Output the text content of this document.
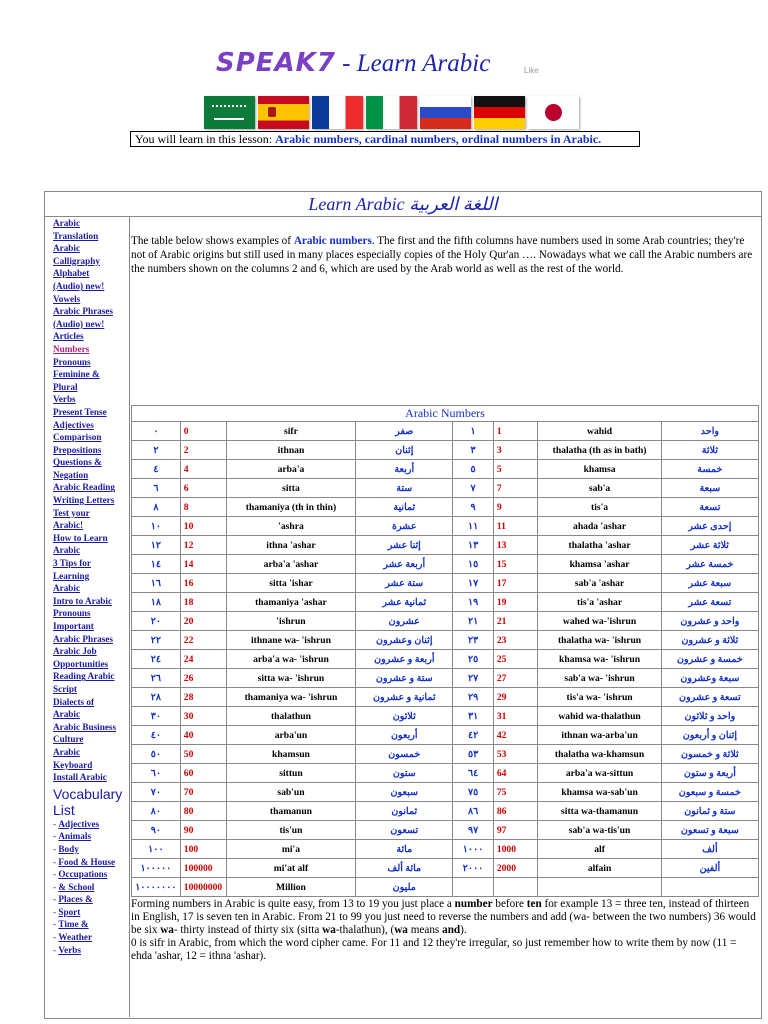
SPEAK7 - Learn Arabic	Like
You will learn in this lesson: Arabic numbers, cardinal numbers, ordinal numbers in Arabic.
Learn Arabic اللغة العربية
Arabic
Translation
Arabic
Calligraphy
Alphabet
(Audio) new!
Vowels
Arabic Phrases
(Audio) new!
Articles
Numbers
Pronouns
Feminine &
Plural
Verbs
Present Tense
Adjectives
Comparison
Prepositions
Questions &
Negation
Arabic Reading
Writing Letters
Test your
Arabic!
How to Learn
Arabic
3 Tips for
Learning
Arabic
Intro to Arabic
Pronouns
Important
Arabic Phrases
Arabic Job
Opportunities
Reading Arabic
Script
Dialects of
Arabic
Arabic Business
Culture
Arabic
Keyboard
Install Arabic
Vocabulary List
- Adjectives
- Animals
- Body
- Food & House
- Occupations
- & School
- Places &
- Sport
- Time &
- Weather
- Verbs
The table below shows examples of Arabic numbers. The first and the fifth columns have numbers used in some Arab countries; they're not of Arabic origins but still used in many places especially copies of the Holy Qur'an …. Nowadays what we call the Arabic numbers are the numbers shown on the columns 2 and 6, which are used by the Arab world as well as the rest of the world.
Arabic Numbers							
٠	0	sifr	صفر	١	1	wahid	واحد
٢	2	ithnan	إثنان	٣	3	thalatha (th as in bath)	ثلاثة
٤	4	arba'a	أربعة	٥	5	khamsa	خمسة
٦	6	sitta	ستة	٧	7	sab'a	سبعة
٨	8	thamaniya (th in thin)	ثمانية	٩	9	tis'a	تسعة
١٠	10	'ashra	عشرة	١١	11	ahada 'ashar	إحدى عشر
١٢	12	ithna 'ashar	إثنا عشر	١٣	13	thalatha 'ashar	ثلاثة عشر
١٤	14	arba'a 'ashar	أربعة عشر	١٥	15	khamsa 'ashar	خمسة عشر
١٦	16	sitta 'ishar	ستة عشر	١٧	17	sab'a 'ashar	سبعة عشر
١٨	18	thamaniya 'ashar	ثمانية عشر	١٩	19	tis'a 'ashar	تسعة عشر
٢٠	20	'ishrun	عشرون	٢١	21	wahed wa-'ishrun	واحد و عشرون
٢٢	22	ithnane wa- 'ishrun	إثنان وعشرون	٢٣	23	thalatha wa- 'ishrun	ثلاثة و عشرون
٢٤	24	arba'a wa- 'ishrun	أربعة و عشرون	٢٥	25	khamsa wa- 'ishrun	خمسة و عشرون
٢٦	26	sitta wa- 'ishrun	ستة و عشرون	٢٧	27	sab'a wa- 'ishrun	سبعة وعشرون
٢٨	28	thamaniya wa- 'ishrun	ثمانية و عشرون	٢٩	29	tis'a wa- 'ishrun	تسعة و عشرون
٣٠	30	thalathun	ثلاثون	٣١	31	wahid wa-thalathun	واحد و ثلاثون
٤٠	40	arba'un	أربعون	٤٢	42	ithnan wa-arba'un	إثنان و أربعون
٥٠	50	khamsun	خمسون	٥٣	53	thalatha wa-khamsun	ثلاثة و خمسون
٦٠	60	sittun	ستون	٦٤	64	arba'a wa-sittun	أربعة و ستون
٧٠	70	sab'un	سبعون	٧٥	75	khamsa wa-sab'un	خمسة و سبعون
٨٠	80	thamanun	ثمانون	٨٦	86	sitta wa-thamanun	ستة و ثمانون
٩٠	90	tis'un	تسعون	٩٧	97	sab'a wa-tis'un	سبعة و تسعون
١٠٠	100	mi'a	مائة	١٠٠٠	1000	alf	ألف
١٠٠٠٠٠	100000	mi'at alf	مائة ألف	٢٠٠٠	2000	alfain	ألفين
١٠٠٠٠٠٠٠	10000000	Million	مليون				
Forming numbers in Arabic is quite easy, from 13 to 19 you just place a number before ten for example 13 = three ten, instead of thirteen in English, 17 is seven ten in Arabic. From 21 to 99 you just need to reverse the numbers and add (wa- between the two numbers) 36 would be six wa- thirty instead of thirty six (sitta wa-thalathun), (wa means and).
0 is sifr in Arabic, from which the word cipher came. For 11 and 12 they're irregular, so just remember how to write them by now (11 = ehda 'ashar, 12 = ithna 'ashar).
